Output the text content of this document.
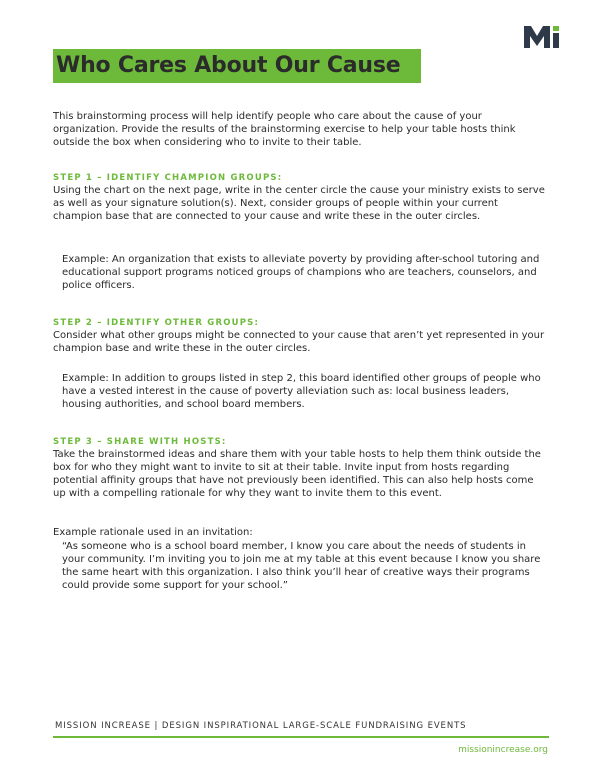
Who Cares About Our Cause

This brainstorming process will help identify people who care about the cause of your organization. Provide the results of the brainstorming exercise to help your table hosts think outside the box when considering who to invite to their table.

STEP 1 – IDENTIFY CHAMPION GROUPS:

Using the chart on the next page, write in the center circle the cause your ministry exists to serve as well as your signature solution(s). Next, consider groups of people within your current champion base that are connected to your cause and write these in the outer circles.

Example: An organization that exists to alleviate poverty by providing after-school tutoring and educational support programs noticed groups of champions who are teachers, counselors, and police officers.

STEP 2 – IDENTIFY OTHER GROUPS:

Consider what other groups might be connected to your cause that aren’t yet represented in your champion base and write these in the outer circles.

Example: In addition to groups listed in step 2, this board identified other groups of people who have a vested interest in the cause of poverty alleviation such as: local business leaders, housing authorities, and school board members.

STEP 3 – SHARE WITH HOSTS:

Take the brainstormed ideas and share them with your table hosts to help them think outside the box for who they might want to invite to sit at their table. Invite input from hosts regarding potential affinity groups that have not previously been identified. This can also help hosts come up with a compelling rationale for why they want to invite them to this event.

Example rationale used in an invitation:

“As someone who is a school board member, I know you care about the needs of students in your community. I’m inviting you to join me at my table at this event because I know you share the same heart with this organization. I also think you’ll hear of creative ways their programs could provide some support for your school.”

MISSION INCREASE | DESIGN INSPIRATIONAL LARGE-SCALE FUNDRAISING EVENTS
missionincrease.org
